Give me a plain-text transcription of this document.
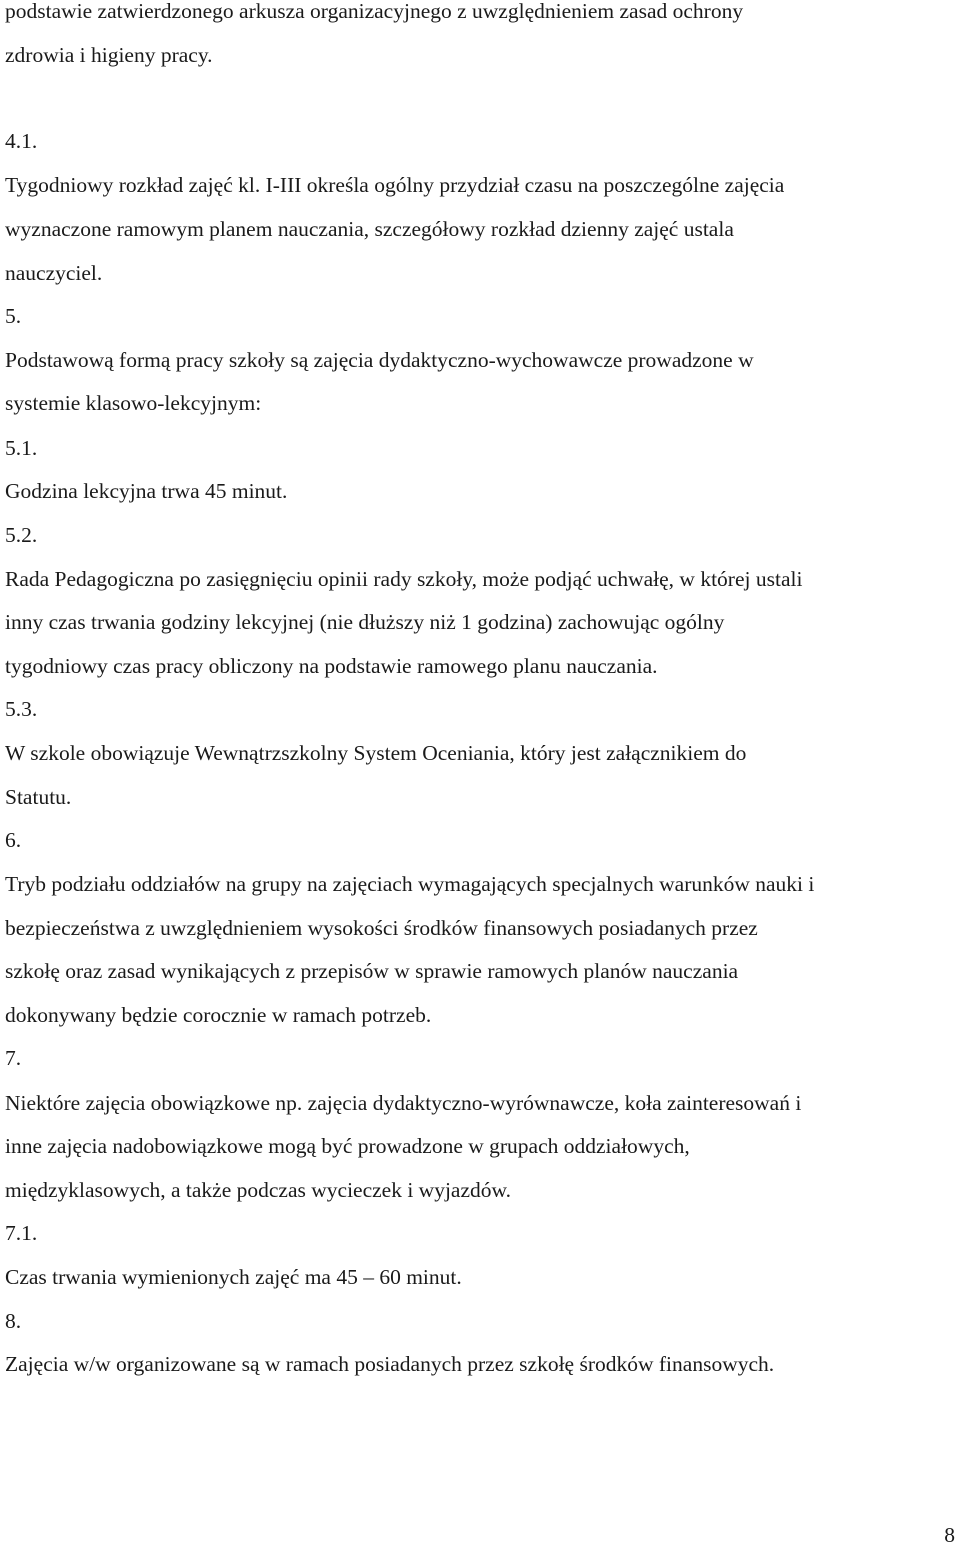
podstawie zatwierdzonego arkusza organizacyjnego z uwzględnieniem zasad ochrony
zdrowia i higieny pracy.
4.1.
Tygodniowy rozkład zajęć kl. I-III określa ogólny przydział czasu na poszczególne zajęcia
wyznaczone ramowym planem nauczania, szczegółowy rozkład dzienny zajęć ustala
nauczyciel.
5.
Podstawową formą pracy szkoły są zajęcia dydaktyczno-wychowawcze prowadzone w
systemie klasowo-lekcyjnym:
5.1.
Godzina lekcyjna trwa 45 minut.
5.2.
Rada Pedagogiczna po zasięgnięciu opinii rady szkoły, może podjąć uchwałę, w której ustali
inny czas trwania godziny lekcyjnej (nie dłuższy niż 1 godzina) zachowując ogólny
tygodniowy czas pracy obliczony na podstawie ramowego planu nauczania.
5.3.
W szkole obowiązuje Wewnątrzszkolny System Oceniania, który jest załącznikiem do
Statutu.
6.
Tryb podziału oddziałów na grupy na zajęciach wymagających specjalnych warunków nauki i
bezpieczeństwa z uwzględnieniem wysokości środków finansowych posiadanych przez
szkołę oraz zasad wynikających z przepisów w sprawie ramowych planów nauczania
dokonywany będzie corocznie w ramach potrzeb.
7.
Niektóre zajęcia obowiązkowe np. zajęcia dydaktyczno-wyrównawcze, koła zainteresowań i
inne zajęcia nadobowiązkowe mogą być prowadzone w grupach oddziałowych,
międzyklasowych, a także podczas wycieczek i wyjazdów.
7.1.
Czas trwania wymienionych zajęć ma 45 – 60 minut.
8.
Zajęcia w/w organizowane są w ramach posiadanych przez szkołę środków finansowych.
8
